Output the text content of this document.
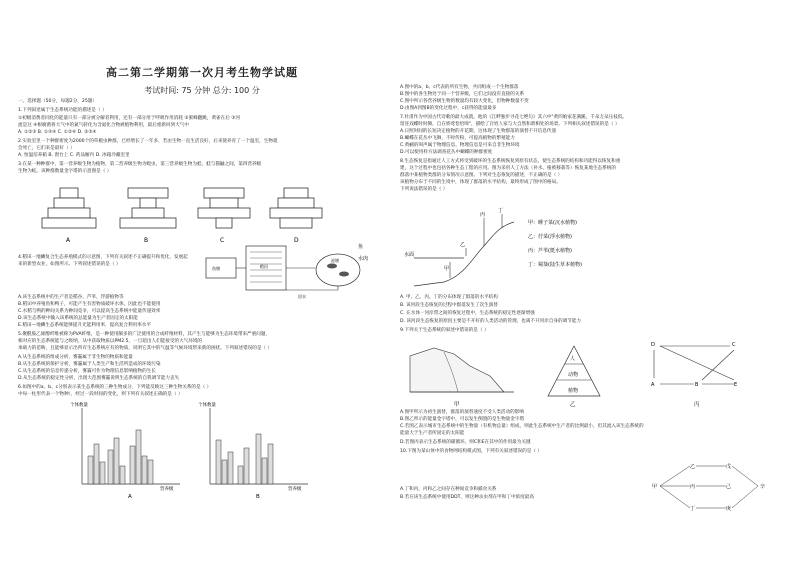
高二第二学期第一次月考生物学试题
考试时间: 75 分钟 总分: 100 分
一、选择题（50分，每题2分，25题）
1.下列叙述属于生态系统功能的描述是（ ）
①初级消费者同化的能量只有一部分被分解者利用，还有一部分用于呼吸作用消耗 ②蜜蜂翻跳，黄雀在后 ③河
流是这 ④根瘤菌将大气中的氮气转化为含氮化合物被植物利用，最后重新回到大气中
A. ①②③ B. ①③④ C. ①②④ D. ②③④
2.实验室里一个种群密度为2000个的草履虫种群，已经增长了一年多，若由生物一直生活良好，后来使养育了一个温室，生物就
会死亡，它们来是最好（ ）
A. 恒温培养箱 B. 窗台上 C. 药品橱内 D. 冰箱冷藏室里
3.在某一种种群中，第一营养级生物为植物，第二营养级生物为蝗虫，第三营养级生物为蛙，蛙与猫鼬之间，第四营养级
生物为蛇。该种群数量金字塔的示意图是（ ）
4.稻田一地鳞复合生态养殖模式的示意图，下列有关叙述不正确提升和优化，发展起
来的新型农业，如图所示。下列叙述错误的是（ ）
A.该生态系统中的生产者是稻谷、芦苇、浮游植物等
B.稻田中养殖鱼和鸭子，可能产生有害物质破坏水体，因此也不能使用
C.水稻与鸭的种间关系为种间竞争，可以提高生态系统中能量传递效率
D.该生态系统中输入该系统的总能量为生产者固定的太阳能
E.稻田—地鳞生态系统能够提升光能利用率，提高复合利用率水平
5.聚酰胺乙烯醇纤维被称为PVA纤维，是一种使用颇多的广泛使用的合成纤维材料，其产生与能够为生态环境带来严重问题，
相对应的生态系统能与之吸纳，从中获取物质以PM2.5，一旦超出人们能接受的大气环境的
承载力的范畴，且能够显示出所有生态系统应有的物质，说明它其中的气温等气候环境带来新的困扰。下列叙述错误的是（ ）
A.从生态系统的组成分析，雾霾属于非生物的物质和能量
B.从生态系统的保护分析，雾霾属于人类生产和生活所造成的环境污染
C.从生态系统的信息传递分析，雾霾可作为物理信息影响植物的生长
D.从生态系统的稳定性分析，出现大范围雾霾说明生态系统的自我调节能力丧失
6.如图中的a、b、c分别表示某生态系统的三种生物成分，下列能反映这三种生物关系的是（ ）
中每一柱形代表一个物种），经过一段时间的变化，则下列有关叙述正确的是（ ）
A	B	C	D
鱼
水肉
池塘
稻田
回水
鱼塘
个体数量
营养级
A
个体数量
营养级
B
A.图中的a、b、c代表的所有生物，共同组成一个生物群落
B.图中的各生物处于同一个营养级，它们之间没有直接的关系
C.图中所示各营养级生物的数量均有较大变化，但物种数量不变
D.由图A到图B的变化过程中，c获得的能量最多
7.杜甫作为中国古代诗歌的最大成就，他的《江畔独步寻花七绝句》其六中"黄四娘家花满蹊，千朵万朵压枝低。
留连戏蝶时时舞，自在娇莺恰恰啼"，描绘了百姓人家与大自然和谐相处的场景。下列相关叙述错误的是（ ）
A.日照时间的长短决定植物的开花期，这体现了生物群落的演替不开信息传递
B.蝴蝶在花丛中飞舞，不时传粉，可提高植物的繁殖能力
C.黄鹂的叫声属于物理信息，物理信息是可来自非生物环境
D.可以使用样方法调查花丛中蝴蝶的种群密度
8.生态恢复是指通过人工方式将受到破坏的生态系统恢复到原有状态，使生态系统的结构和功能得以恢复和重
建，这个过程中也包括各种生态工程的应用。图为采用人工方法（补水、植被移栽等）恢复某地生态系统的
群落中某植物类群的分布情况示意图。下列对生态恢复的描述，不正确的是（ ）
该植物分布于不同的生境中，体现了群落的水平结构，最终形成了图中的格局。
下列说法错误的是（ ）
A. 甲、乙、丙、丁的分布体现了群落的水平结构
B. 该河段生态恢复的过程中群落发生了次生演替
C. 在水体一河岸带之间的恢复过程中，生态系统的稳定性逐渐增强
D. 该河段生态恢复的原因主要是不开好的人类活动的管理，也离不开河岸自身的调节能力
9.下列关于生态系统的叙述中错误的是（ ）
A.图甲所示为初生演替，群落的演替速度不受人类活动的影响
B.图乙所示的能量金字塔中，可以发生倒置的是生物量金字塔
C.若图乙表示城市生态系统中的生物量（有机物总量）组成，则此生态系统中生产者的比例最小，但其流入该生态系统的
能量大于生产者所固定的太阳能
D.若图丙表示生态系统的碳循环，则C和E在其中的作用最为关键
10.下图为某山体中的食物网结构模式图，下列有关叙述错误的是（ ）
A.丁和丙、丙和乙之间存在种间竞争和捕食关系
B.若在该生态系统中使用DDT，则这种杀虫剂在甲和丁中浓度最高
水面
甲
乙
丙
丁
甲：睡子菜(沉水植物)
乙：荇菜(浮水植物)
丙：芦苇(挺水植物)
丁：蜀葵(陆生草本植物)
甲
人
动物
植物
乙
D	C
A	B	E
丙
甲
乙
丙
丁
戊
己
庚
辛
